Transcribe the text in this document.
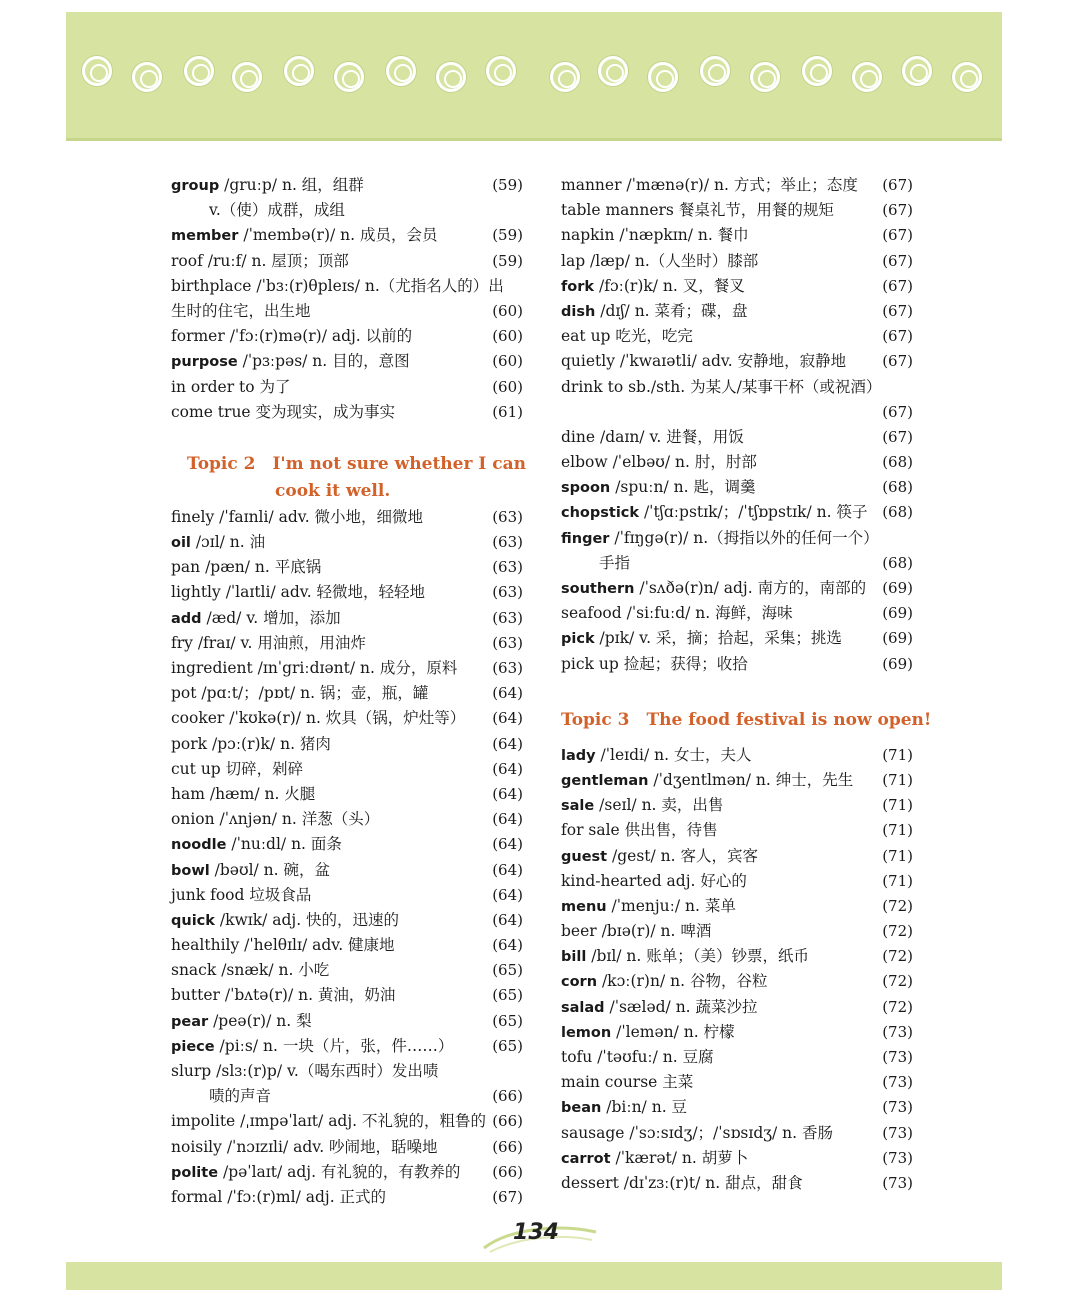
group /gruːp/ n. 组，组群	(59)
v.（使）成群，成组
member /ˈmembə(r)/ n. 成员，会员	(59)
roof /ruːf/ n. 屋顶；顶部	(59)
birthplace /ˈbɜː(r)θpleɪs/ n.（尤指名人的）出
生时的住宅，出生地	(60)
former /ˈfɔː(r)mə(r)/ adj. 以前的	(60)
purpose /ˈpɜːpəs/ n. 目的，意图	(60)
in order to 为了	(60)
come true 变为现实，成为事实	(61)
Topic 2　I'm not sure whether I can
cook it well.
finely /ˈfaɪnli/ adv. 微小地，细微地	(63)
oil /ɔɪl/ n. 油	(63)
pan /pæn/ n. 平底锅	(63)
lightly /ˈlaɪtli/ adv. 轻微地，轻轻地	(63)
add /æd/ v. 增加，添加	(63)
fry /fraɪ/ v. 用油煎，用油炸	(63)
ingredient /ɪnˈgriːdɪənt/ n. 成分，原料 (63)
pot /pɑːt/；/pɒt/ n. 锅；壶，瓶，罐	(64)
cooker /ˈkʊkə(r)/ n. 炊具（锅，炉灶等） (64)
pork /pɔː(r)k/ n. 猪肉	(64)
cut up 切碎，剁碎	(64)
ham /hæm/ n. 火腿	(64)
onion /ˈʌnjən/ n. 洋葱（头）	(64)
noodle /ˈnuːdl/ n. 面条	(64)
bowl /bəʊl/ n. 碗，盆	(64)
junk food 垃圾食品	(64)
quick /kwɪk/ adj. 快的，迅速的	(64)
healthily /ˈhelθɪlɪ/ adv. 健康地	(64)
snack /snæk/ n. 小吃	(65)
butter /ˈbʌtə(r)/ n. 黄油，奶油	(65)
pear /peə(r)/ n. 梨	(65)
piece /piːs/ n. 一块（片，张，件……）	(65)
slurp /slɜː(r)p/ v.（喝东西时）发出啧
啧的声音	(66)
impolite /ˌɪmpəˈlaɪt/ adj. 不礼貌的，粗鲁的 (66)
noisily /ˈnɔɪzɪli/ adv. 吵闹地，聒噪地	(66)
polite /pəˈlaɪt/ adj. 有礼貌的，有教养的 (66)
formal /ˈfɔː(r)ml/ adj. 正式的	(67)
manner /ˈmænə(r)/ n. 方式；举止；态度 (67)
table manners 餐桌礼节，用餐的规矩	(67)
napkin /ˈnæpkɪn/ n. 餐巾	(67)
lap /læp/ n.（人坐时）膝部	(67)
fork /fɔː(r)k/ n. 叉，餐叉	(67)
dish /dɪʃ/ n. 菜肴；碟，盘	(67)
eat up 吃光，吃完	(67)
quietly /ˈkwaɪətli/ adv. 安静地，寂静地 (67)
drink to sb./sth. 为某人/某事干杯（或祝酒）
(67)
dine /daɪn/ v. 进餐，用饭	(67)
elbow /ˈelbəʊ/ n. 肘，肘部	(68)
spoon /spuːn/ n. 匙，调羹	(68)
chopstick /ˈtʃɑːpstɪk/；/ˈtʃɒpstɪk/ n. 筷子 (68)
finger /ˈfɪŋgə(r)/ n.（拇指以外的任何一个）
手指	(68)
southern /ˈsʌðə(r)n/ adj. 南方的，南部的 (69)
seafood /ˈsiːfuːd/ n. 海鲜，海味	(69)
pick /pɪk/ v. 采，摘；拾起，采集；挑选	(69)
pick up 捡起；获得；收拾	(69)
Topic 3　The food festival is now open!
lady /ˈleɪdi/ n. 女士，夫人	(71)
gentleman /ˈdʒentlmən/ n. 绅士，先生 (71)
sale /seɪl/ n. 卖，出售	(71)
for sale 供出售，待售	(71)
guest /gest/ n. 客人，宾客	(71)
kind-hearted adj. 好心的	(71)
menu /ˈmenjuː/ n. 菜单	(72)
beer /bɪə(r)/ n. 啤酒	(72)
bill /bɪl/ n. 账单；（美）钞票，纸币	(72)
corn /kɔː(r)n/ n. 谷物，谷粒	(72)
salad /ˈsæləd/ n. 蔬菜沙拉	(72)
lemon /ˈlemən/ n. 柠檬	(73)
tofu /ˈtəʊfuː/ n. 豆腐	(73)
main course 主菜	(73)
bean /biːn/ n. 豆	(73)
sausage /ˈsɔːsɪdʒ/；/ˈsɒsɪdʒ/ n. 香肠	(73)
carrot /ˈkærət/ n. 胡萝卜	(73)
dessert /dɪˈzɜː(r)t/ n. 甜点，甜食	(73)
134
